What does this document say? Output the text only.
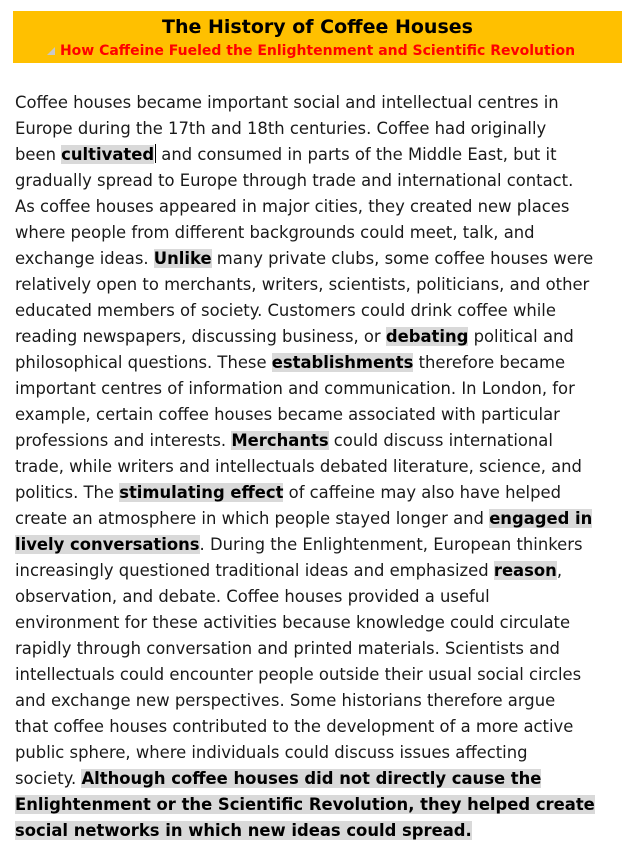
The History of Coffee Houses
How Caffeine Fueled the Enlightenment and Scientific Revolution
Coffee houses became important social and intellectual centres in
Europe during the 17th and 18th centuries. Coffee had originally
been cultivated and consumed in parts of the Middle East, but it
gradually spread to Europe through trade and international contact.
As coffee houses appeared in major cities, they created new places
where people from different backgrounds could meet, talk, and
exchange ideas. Unlike many private clubs, some coffee houses were
relatively open to merchants, writers, scientists, politicians, and other
educated members of society. Customers could drink coffee while
reading newspapers, discussing business, or debating political and
philosophical questions. These establishments therefore became
important centres of information and communication. In London, for
example, certain coffee houses became associated with particular
professions and interests. Merchants could discuss international
trade, while writers and intellectuals debated literature, science, and
politics. The stimulating effect of caffeine may also have helped
create an atmosphere in which people stayed longer and engaged in
lively conversations. During the Enlightenment, European thinkers
increasingly questioned traditional ideas and emphasized reason,
observation, and debate. Coffee houses provided a useful
environment for these activities because knowledge could circulate
rapidly through conversation and printed materials. Scientists and
intellectuals could encounter people outside their usual social circles
and exchange new perspectives. Some historians therefore argue
that coffee houses contributed to the development of a more active
public sphere, where individuals could discuss issues affecting
society. Although coffee houses did not directly cause the
Enlightenment or the Scientific Revolution, they helped create
social networks in which new ideas could spread.
